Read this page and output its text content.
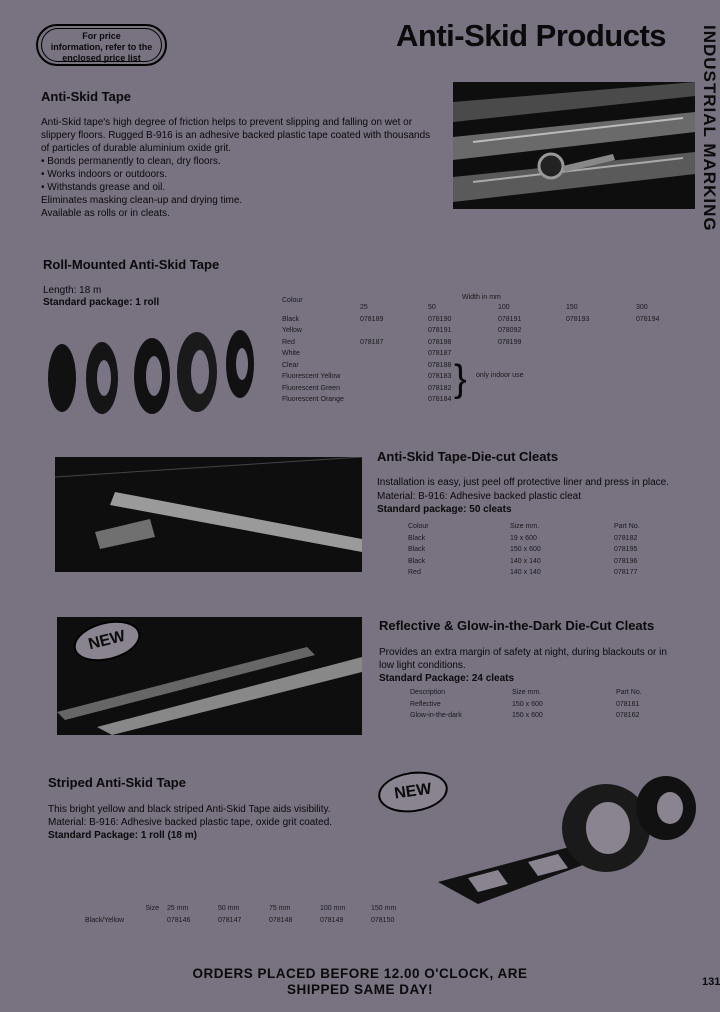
For price
information, refer to the
enclosed price list
Anti-Skid Products INDUSTRIAL MARKING
Anti-Skid Tape
Anti-Skid tape's high degree of friction helps to prevent slipping and falling on wet or slippery floors. Rugged B-916 is an adhesive backed plastic tape coated with thousands of particles of durable aluminium oxide grit.
• Bonds permanently to clean, dry floors.
• Works indoors or outdoors.
• Withstands grease and oil.
Eliminates masking clean-up and drying time.
Available as rolls or in cleats.
Roll-Mounted Anti-Skid Tape
Length: 18 m
Standard package: 1 roll	Colour	Width in mm
	25	50	100	150	300
Black	078189	078190	078191	078193	078194
Yellow		078191	078092		
Red	078187	078198	078199		
White		078187			
Clear		078188			
Fluorescent Yellow		078183			
Fluorescent Green		078182			
Fluorescent Orange		078184			} only indoor use
Anti-Skid Tape-Die-cut Cleats
Installation is easy, just peel off protective liner and press in place.
Material: B-916: Adhesive backed plastic cleat
Standard package: 50 cleats
Colour	Size mm.	Part No.
Black	19 x 600	078182
Black	150 x 600	078195
Black	140 x 140	078196
Red	140 x 140	078177
NEW
Reflective & Glow-in-the-Dark Die-Cut Cleats
Provides an extra margin of safety at night, during blackouts or in
low light conditions.
Standard Package: 24 cleats
Description	Size mm.	Part No.
Reflective	150 x 600	078161
Glow-in-the-dark	150 x 600	078162
Striped Anti-Skid Tape
This bright yellow and black striped Anti-Skid Tape aids visibility.
Material: B-916: Adhesive backed plastic tape, oxide grit coated.
Standard Package: 1 roll (18 m)
NEW
Size	25 mm	50 mm	75 mm	100 mm	150 mm
Black/Yellow	078146	078147	078148	078149	078150
ORDERS PLACED BEFORE 12.00 O'CLOCK, ARE
SHIPPED SAME DAY!	131
